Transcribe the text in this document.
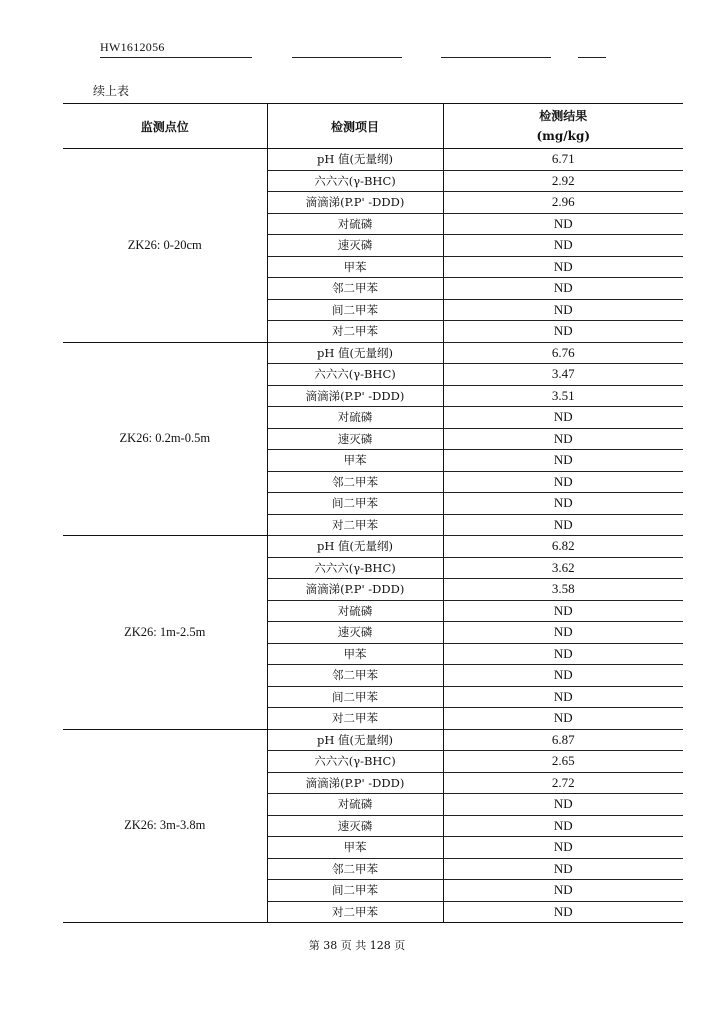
HW1612056
续上表
监测点位	检测项目	检测结果
(mg/kg)

ZK26: 0-20cm	pH 值(无量纲)	6.71
	六六六(γ-BHC)	2.92
	滴滴涕(P.P' -DDD)	2.96
	对硫磷	ND
	速灭磷	ND
	甲苯	ND
	邻二甲苯	ND
	间二甲苯	ND
	对二甲苯	ND
ZK26: 0.2m-0.5m	pH 值(无量纲)	6.76
	六六六(γ-BHC)	3.47
	滴滴涕(P.P' -DDD)	3.51
	对硫磷	ND
	速灭磷	ND
	甲苯	ND
	邻二甲苯	ND
	间二甲苯	ND
	对二甲苯	ND
ZK26: 1m-2.5m	pH 值(无量纲)	6.82
	六六六(γ-BHC)	3.62
	滴滴涕(P.P' -DDD)	3.58
	对硫磷	ND
	速灭磷	ND
	甲苯	ND
	邻二甲苯	ND
	间二甲苯	ND
	对二甲苯	ND
ZK26: 3m-3.8m	pH 值(无量纲)	6.87
	六六六(γ-BHC)	2.65
	滴滴涕(P.P' -DDD)	2.72
	对硫磷	ND
	速灭磷	ND
	甲苯	ND
	邻二甲苯	ND
	间二甲苯	ND
	对二甲苯	ND
第 38 页 共 128 页
